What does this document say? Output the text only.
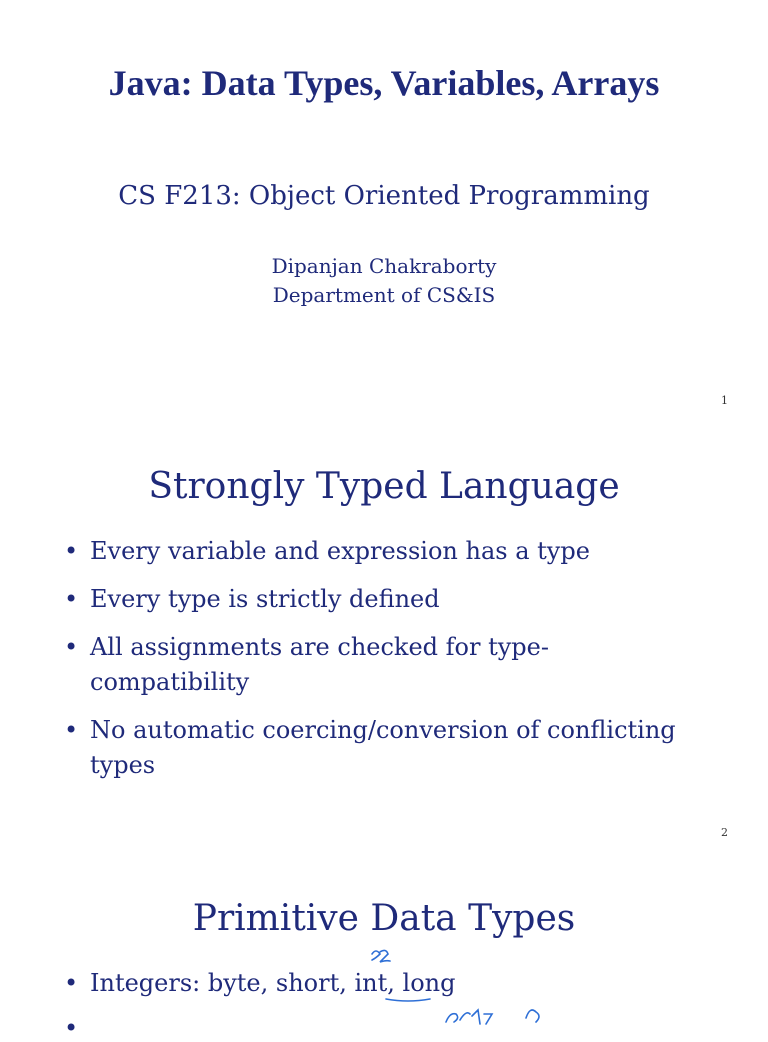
Java: Data Types, Variables, Arrays

CS F213: Object Oriented Programming

Dipanjan Chakraborty
Department of CS&IS
1
Strongly Typed Language
• Every variable and expression has a type
• Every type is strictly defined
• All assignments are checked for type-compatibility
• No automatic coercing/conversion of conflicting types
2
Primitive Data Types
• Integers: byte, short, int, long
•
